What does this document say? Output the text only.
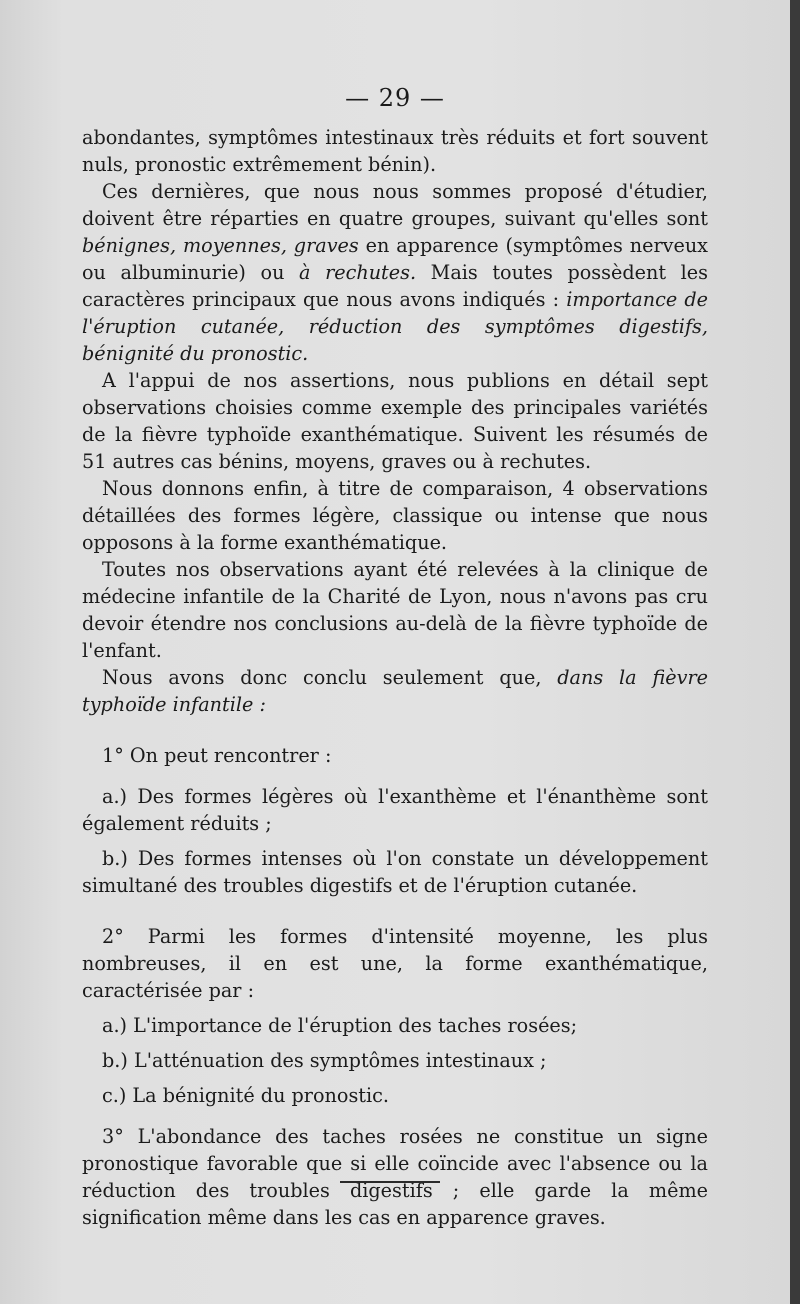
— 29 —

abondantes, symptômes intestinaux très réduits et fort souvent nuls, pronostic extrêmement bénin).

Ces dernières, que nous nous sommes proposé d'étudier, doivent être réparties en quatre groupes, suivant qu'elles sont bénignes, moyennes, graves en apparence (symptômes nerveux ou albuminurie) ou à rechutes. Mais toutes possèdent les caractères principaux que nous avons indiqués : importance de l'éruption cutanée, réduction des symptômes digestifs, bénignité du pronostic.

A l'appui de nos assertions, nous publions en détail sept observations choisies comme exemple des principales variétés de la fièvre typhoïde exanthématique. Suivent les résumés de 51 autres cas bénins, moyens, graves ou à rechutes.

Nous donnons enfin, à titre de comparaison, 4 observations détaillées des formes légère, classique ou intense que nous opposons à la forme exanthématique.

Toutes nos observations ayant été relevées à la clinique de médecine infantile de la Charité de Lyon, nous n'avons pas cru devoir étendre nos conclusions au-delà de la fièvre typhoïde de l'enfant.

Nous avons donc conclu seulement que, dans la fièvre typhoïde infantile :

1° On peut rencontrer :

a.) Des formes légères où l'exanthème et l'énanthème sont également réduits ;

b.) Des formes intenses où l'on constate un développement simultané des troubles digestifs et de l'éruption cutanée.

2° Parmi les formes d'intensité moyenne, les plus nombreuses, il en est une, la forme exanthématique, caractérisée par :

a.) L'importance de l'éruption des taches rosées;

b.) L'atténuation des symptômes intestinaux ;

c.) La bénignité du pronostic.

3° L'abondance des taches rosées ne constitue un signe pronostique favorable que si elle coïncide avec l'absence ou la réduction des troubles digestifs ; elle garde la même signification même dans les cas en apparence graves.
